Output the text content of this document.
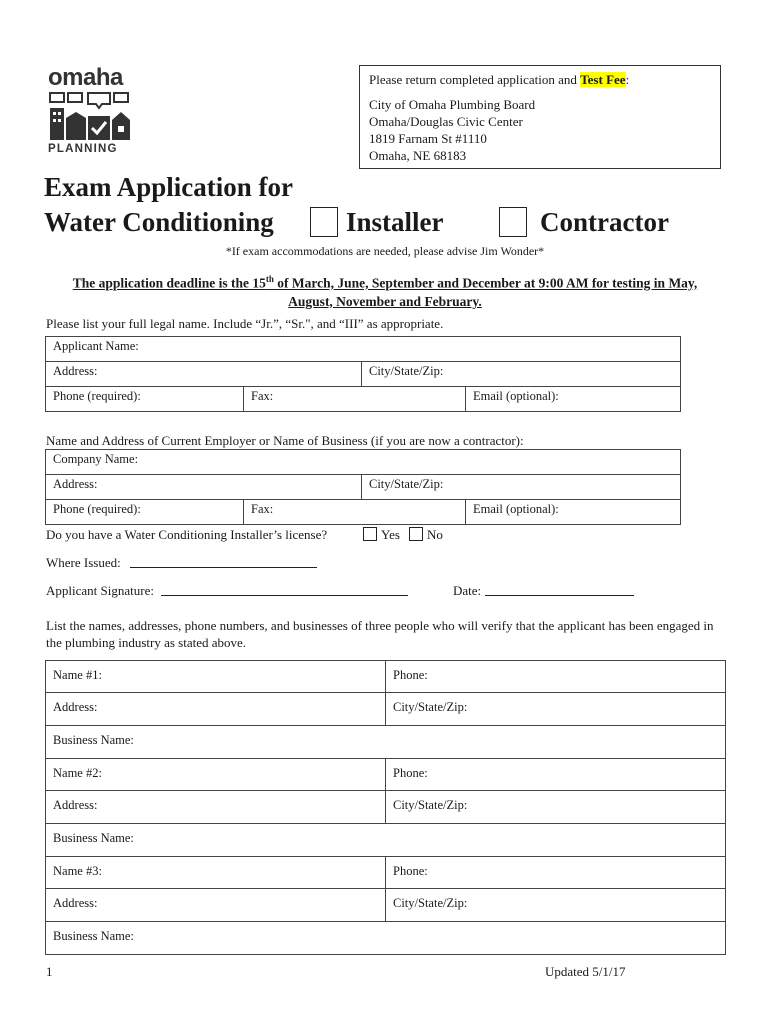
omaha
PLANNING
Please return completed application and Test Fee:
City of Omaha Plumbing Board
Omaha/Douglas Civic Center
1819 Farnam St #1110
Omaha, NE 68183
Exam Application for
Water Conditioning	Installer	Contractor
*If exam accommodations are needed, please advise Jim Wonder*
The application deadline is the 15th of March, June, September and December at 9:00 AM for testing in May, August, November and February.
Please list your full legal name. Include “Jr.”, “Sr.", and “III” as appropriate.
Applicant Name:			
Address:		City/State/Zip:	
Phone (required):	Fax:		Email (optional):
Name and Address of Current Employer or Name of Business (if you are now a contractor):
Company Name:			
Address:		City/State/Zip:	
Phone (required):	Fax:		Email (optional):
Do you have a Water Conditioning Installer’s license?	Yes	No
Where Issued:
Applicant Signature:	Date:
List the names, addresses, phone numbers, and businesses of three people who will verify that the applicant has been engaged in the plumbing industry as stated above.
Name #1:	Phone:
Address:	City/State/Zip:
Business Name:	
Name #2:	Phone:
Address:	City/State/Zip:
Business Name:	
Name #3:	Phone:
Address:	City/State/Zip:
Business Name:	
1	Updated 5/1/17
